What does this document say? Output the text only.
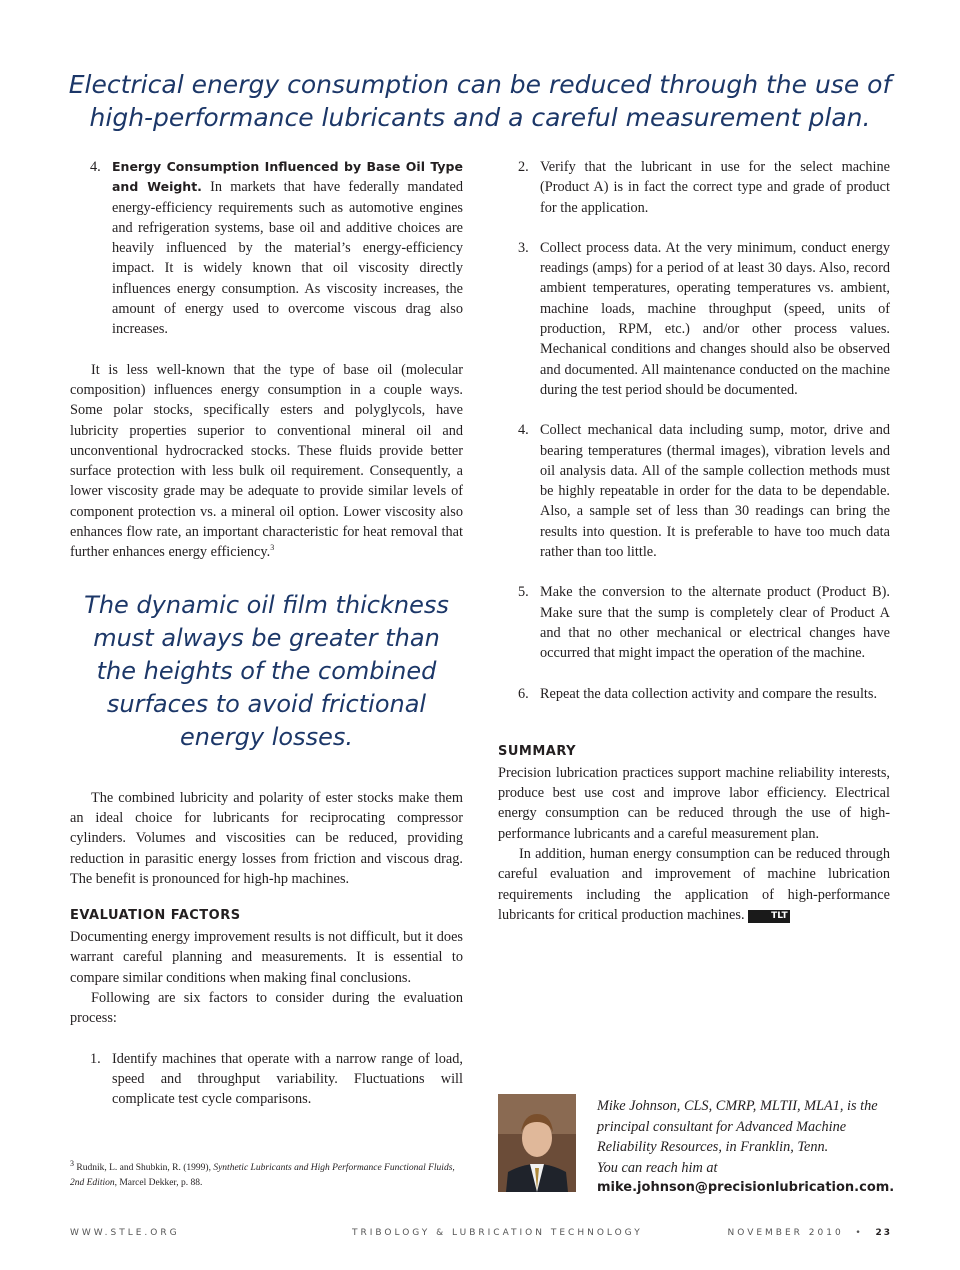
Electrical energy consumption can be reduced through the use of high-performance lubricants and a careful measurement plan.

4. Energy Consumption Influenced by Base Oil Type and Weight. In markets that have federally mandated energy-efficiency requirements such as automotive engines and refrigeration systems, base oil and additive choices are heavily influenced by the material’s energy-efficiency impact. It is widely known that oil viscosity directly influences energy consumption. As viscosity increases, the amount of energy used to overcome viscous drag also increases.

It is less well-known that the type of base oil (molecular composition) influences energy consumption in a couple ways. Some polar stocks, specifically esters and polyglycols, have lubricity properties superior to conventional mineral oil and unconventional hydrocracked stocks. These fluids provide better surface protection with less bulk oil requirement. Consequently, a lower viscosity grade may be adequate to provide similar levels of component protection vs. a mineral oil option. Lower viscosity also enhances flow rate, an important characteristic for heat removal that further enhances energy efficiency.$^3$

The dynamic oil film thickness must always be greater than the heights of the combined surfaces to avoid frictional energy losses.

The combined lubricity and polarity of ester stocks make them an ideal choice for lubricants for reciprocating compressor cylinders. Volumes and viscosities can be reduced, providing reduction in parasitic energy losses from friction and viscous drag. The benefit is pronounced for high-hp machines.

EVALUATION FACTORS

Documenting energy improvement results is not difficult, but it does warrant careful planning and measurements. It is essential to compare similar conditions when making final conclusions.

Following are six factors to consider during the evaluation process:

1. Identify machines that operate with a narrow range of load, speed and throughput variability. Fluctuations will complicate test cycle comparisons.

$^3$ Rudnik, L. and Shubkin, R. (1999), Synthetic Lubricants and High Performance Functional Fluids, 2nd Edition, Marcel Dekker, p. 88.

2. Verify that the lubricant in use for the select machine (Product A) is in fact the correct type and grade of product for the application.

3. Collect process data. At the very minimum, conduct energy readings (amps) for a period of at least 30 days. Also, record ambient temperatures, operating temperatures vs. ambient, machine loads, machine throughput (speed, units of production, RPM, etc.) and/or other process values. Mechanical conditions and changes should also be observed and documented. All maintenance conducted on the machine during the test period should be documented.

4. Collect mechanical data including sump, motor, drive and bearing temperatures (thermal images), vibration levels and oil analysis data. All of the sample collection methods must be highly repeatable in order for the data to be dependable. Also, a sample set of less than 30 readings can bring the results into question. It is preferable to have too much data rather than too little.

5. Make the conversion to the alternate product (Product B). Make sure that the sump is completely clear of Product A and that no other mechanical or electrical changes have occurred that might impact the operation of the machine.

6. Repeat the data collection activity and compare the results.

SUMMARY

Precision lubrication practices support machine reliability interests, produce best use cost and improve labor efficiency. Electrical energy consumption can be reduced through the use of high-performance lubricants and a careful measurement plan.

In addition, human energy consumption can be reduced through careful evaluation and improvement of machine lubrication requirements including the application of high-performance lubricants for critical production machines.	TLT

Mike Johnson, CLS, CMRP, MLTII, MLA1, is the principal consultant for Advanced Machine Reliability Resources, in Franklin, Tenn.
You can reach him at
mike.johnson@precisionlubrication.com.
WWW.STLE.ORG	TRIBOLOGY & LUBRICATION TECHNOLOGY	NOVEMBER 2010 • 23
